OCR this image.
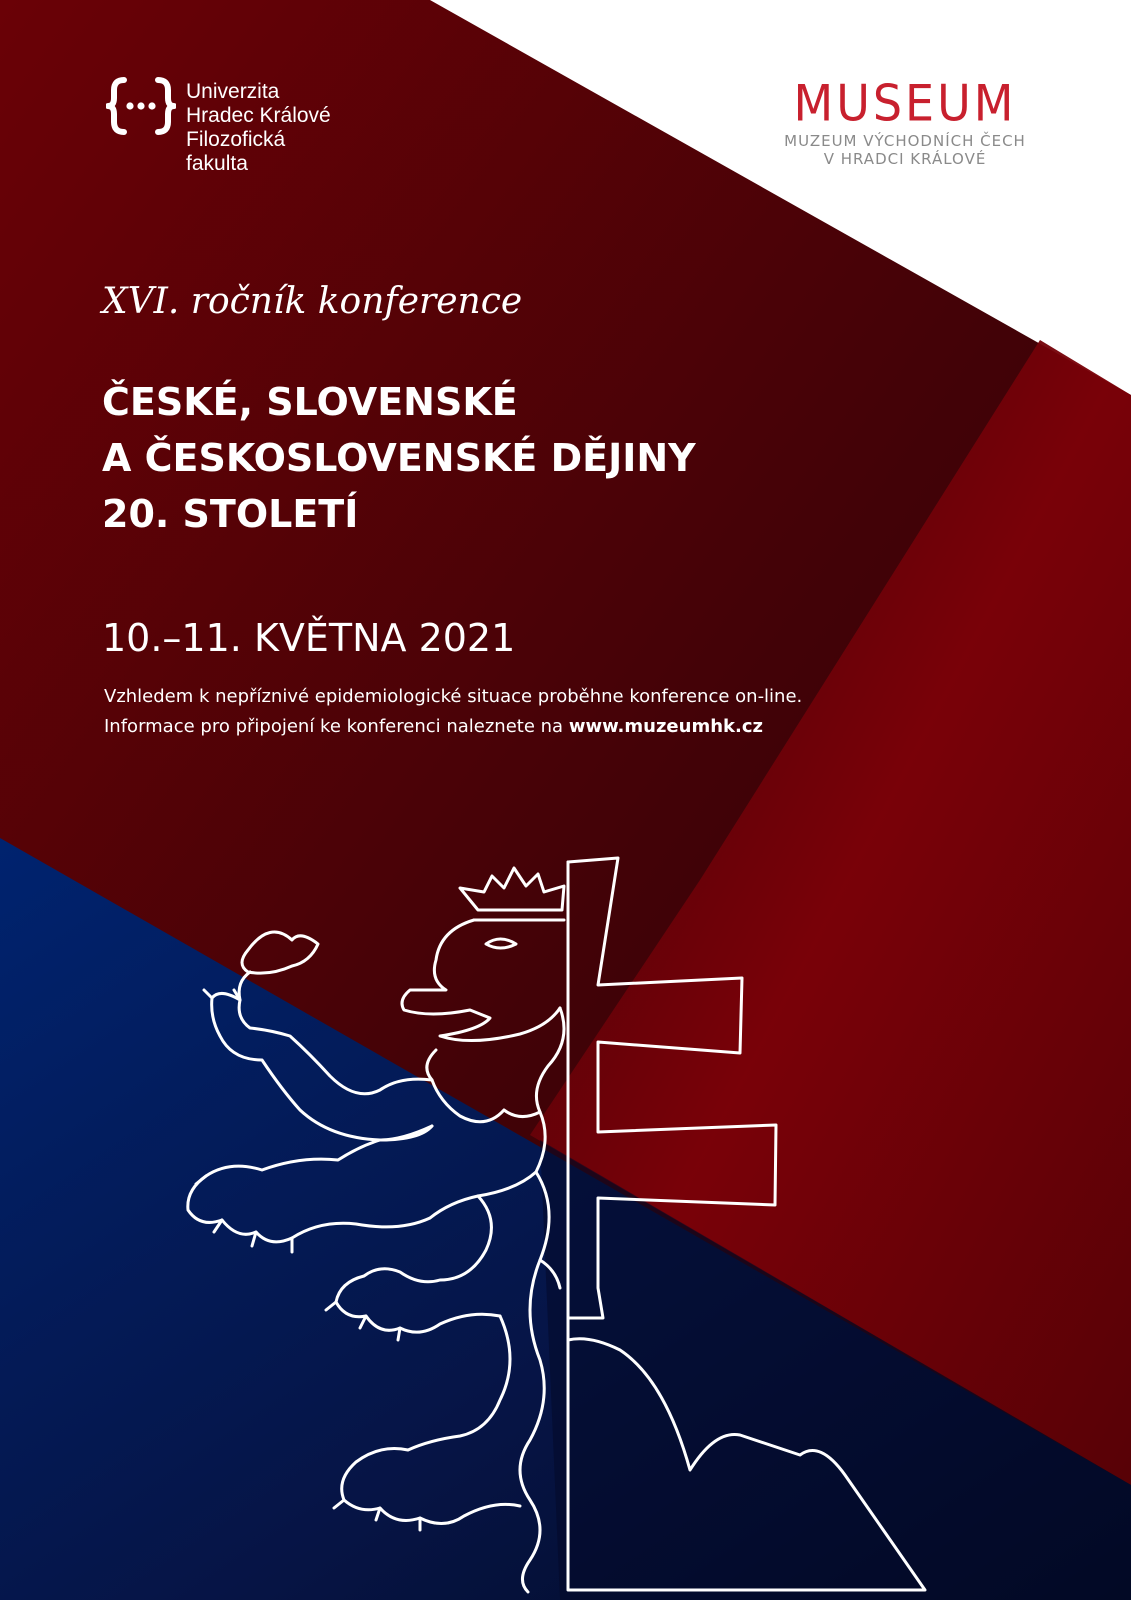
Univerzita
Hradec Králové
Filozofická
fakulta
MUSEUM
MUZEUM VÝCHODNÍCH ČECH
V HRADCI KRÁLOVÉ
XVI. ročník konference
ČESKÉ, SLOVENSKÉ
A ČESKOSLOVENSKÉ DĚJINY
20. STOLETÍ
10.–11. KVĚTNA 2021
Vzhledem k nepříznivé epidemiologické situace proběhne konference on-line.
Informace pro připojení ke konferenci naleznete na www.muzeumhk.cz
